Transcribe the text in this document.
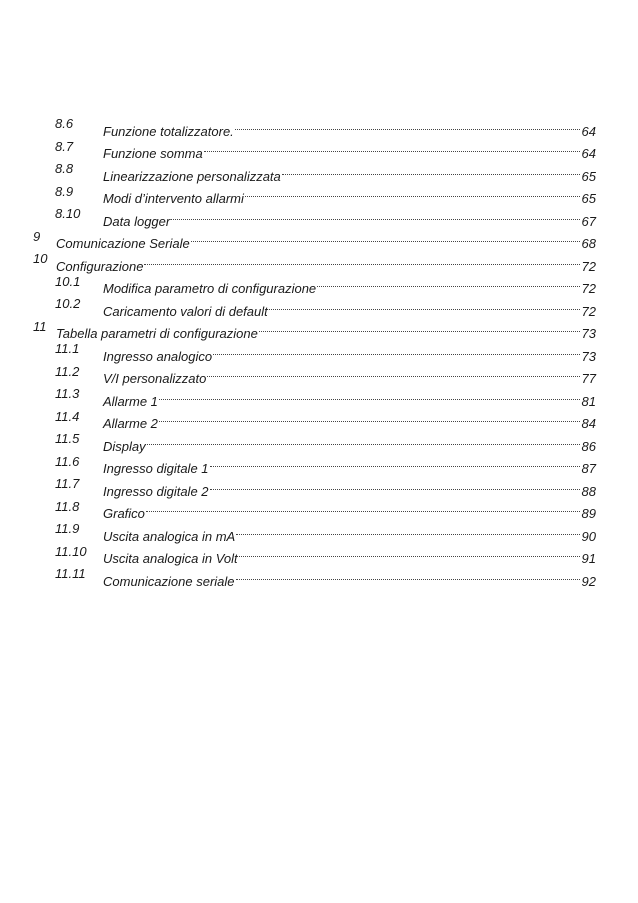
8.6 Funzione totalizzatore.	64
8.7 Funzione somma	64
8.8 Linearizzazione personalizzata	65
8.9 Modi d’intervento allarmi	65
8.10 Data logger	67
9 Comunicazione Seriale	68
10 Configurazione	72
10.1 Modifica parametro di configurazione	72
10.2 Caricamento valori di default	72
11 Tabella parametri di configurazione	73
11.1 Ingresso analogico	73
11.2 V/I personalizzato	77
11.3 Allarme 1	81
11.4 Allarme 2	84
11.5 Display	86
11.6 Ingresso digitale 1	87
11.7 Ingresso digitale 2	88
11.8 Grafico	89
11.9 Uscita analogica in mA	90
11.10 Uscita analogica in Volt	91
11.11 Comunicazione seriale	92
